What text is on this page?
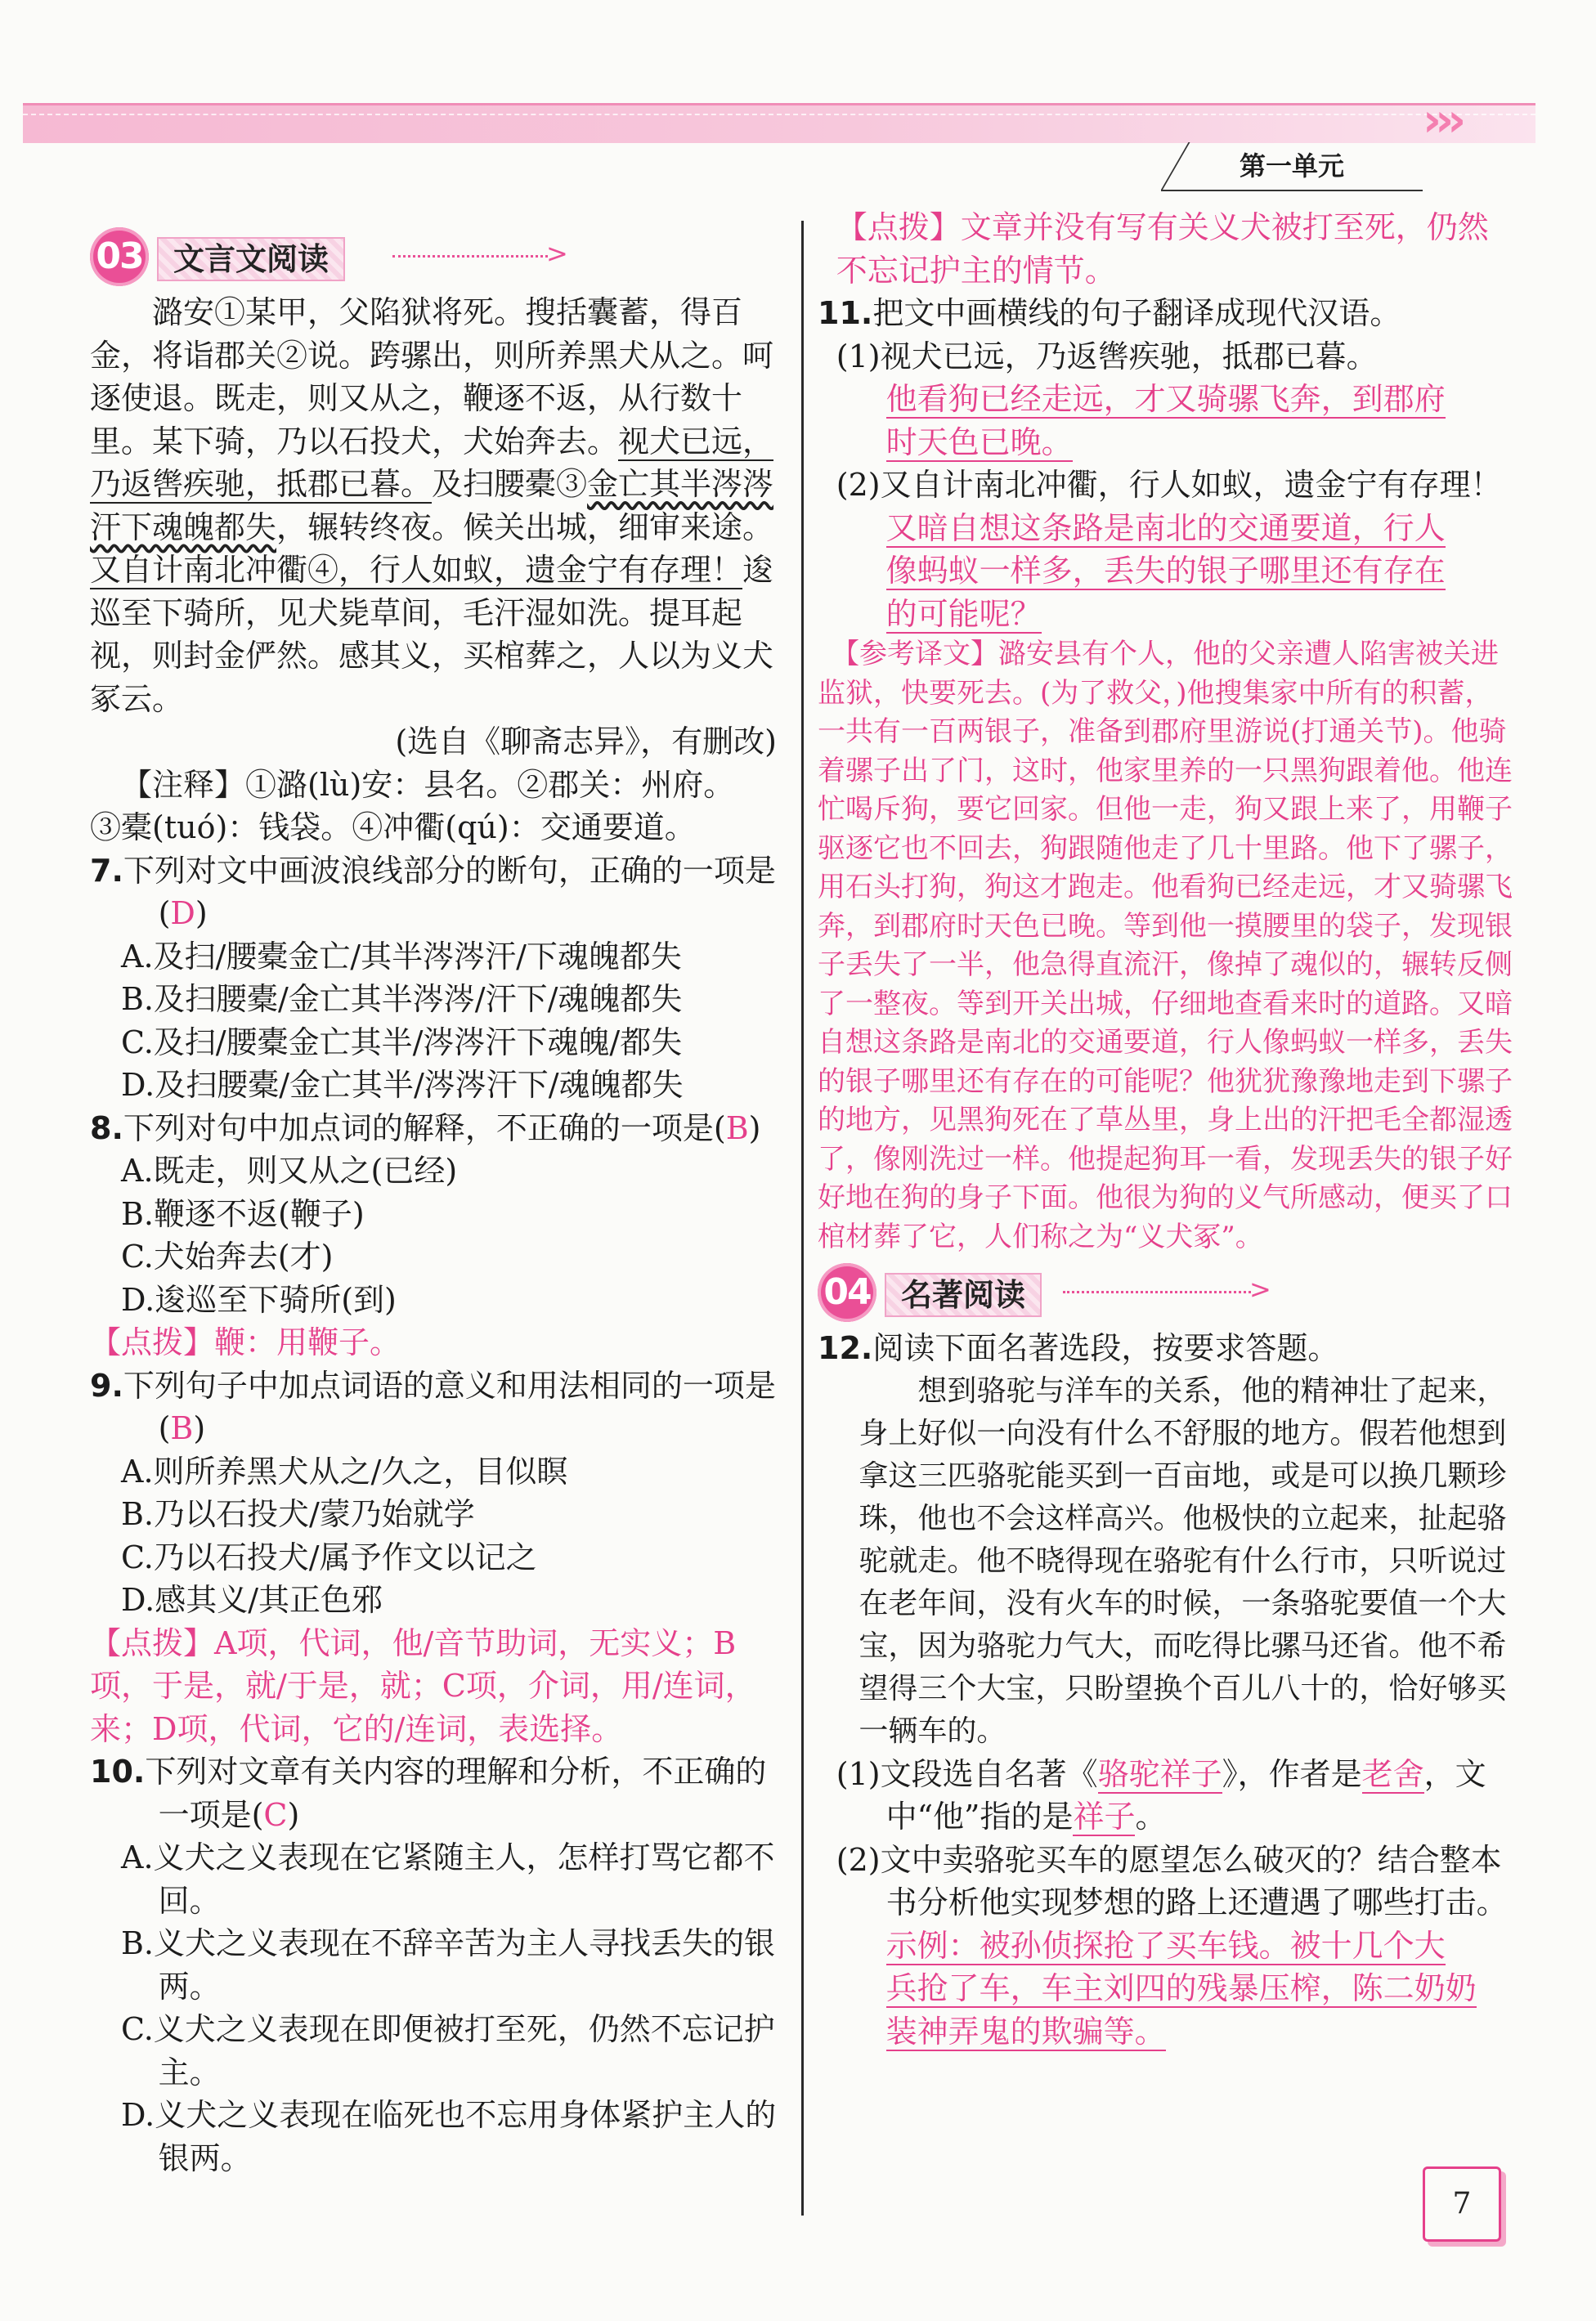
›››
第一单元
03 文言文阅读	>

潞安①某甲，父陷狱将死。搜括囊蓄，得百金，将诣郡关②说。跨骡出，则所养黑犬从之。呵逐使退。既走，则又从之，鞭逐不返，从行数十里。某下骑，乃以石投犬，犬始奔去。视犬已远，乃返辔疾驰，抵郡已暮。及扫腰橐③金亡其半涔涔汗下魂魄都失，辗转终夜。候关出城，细审来途。又自计南北冲衢④，行人如蚁，遗金宁有存理！逡巡至下骑所，见犬毙草间，毛汗湿如洗。提耳起视，则封金俨然。感其义，买棺葬之，人以为义犬冢云。

(选自《聊斋志异》，有删改)

【注释】①潞(lù)安：县名。②郡关：州府。

③橐(tuó)：钱袋。④冲衢(qú)：交通要道。

7.下列对文中画波浪线部分的断句，正确的一项是(D)

A.及扫/腰橐金亡/其半涔涔汗/下魂魄都失

B.及扫腰橐/金亡其半涔涔/汗下/魂魄都失

C.及扫/腰橐金亡其半/涔涔汗下魂魄/都失

D.及扫腰橐/金亡其半/涔涔汗下/魂魄都失

8.下列对句中加点词的解释，不正确的一项是(B)

A.既走，则又从之(已经)

B.鞭逐不返(鞭子)

C.犬始奔去(才)

D.逡巡至下骑所(到)

【点拨】鞭：用鞭子。

9.下列句子中加点词语的意义和用法相同的一项是(B)

A.则所养黑犬从之/久之，目似瞑

B.乃以石投犬/蒙乃始就学

C.乃以石投犬/属予作文以记之

D.感其义/其正色邪

【点拨】A项，代词，他/音节助词，无实义；B项，于是，就/于是，就；C项，介词，用/连词，来；D项，代词，它的/连词，表选择。

10.下列对文章有关内容的理解和分析，不正确的一项是(C)

A.义犬之义表现在它紧随主人，怎样打骂它都不回。

B.义犬之义表现在不辞辛苦为主人寻找丢失的银两。

C.义犬之义表现在即便被打至死，仍然不忘记护主。

D.义犬之义表现在临死也不忘用身体紧护主人的银两。

【点拨】文章并没有写有关义犬被打至死，仍然不忘记护主的情节。

11.把文中画横线的句子翻译成现代汉语。

(1)视犬已远，乃返辔疾驰，抵郡已暮。

他看狗已经走远，才又骑骡飞奔，到郡府

时天色已晚。

(2)又自计南北冲衢，行人如蚁，遗金宁有存理！

又暗自想这条路是南北的交通要道，行人

像蚂蚁一样多，丢失的银子哪里还有存在

的可能呢？

【参考译文】潞安县有个人，他的父亲遭人陷害被关进监狱，快要死去。(为了救父，)他搜集家中所有的积蓄，一共有一百两银子，准备到郡府里游说(打通关节)。他骑着骡子出了门，这时，他家里养的一只黑狗跟着他。他连忙喝斥狗，要它回家。但他一走，狗又跟上来了，用鞭子驱逐它也不回去，狗跟随他走了几十里路。他下了骡子，用石头打狗，狗这才跑走。他看狗已经走远，才又骑骡飞奔，到郡府时天色已晚。等到他一摸腰里的袋子，发现银子丢失了一半，他急得直流汗，像掉了魂似的，辗转反侧了一整夜。等到开关出城，仔细地查看来时的道路。又暗自想这条路是南北的交通要道，行人像蚂蚁一样多，丢失的银子哪里还有存在的可能呢？他犹犹豫豫地走到下骡子的地方，见黑狗死在了草丛里，身上出的汗把毛全都湿透了，像刚洗过一样。他提起狗耳一看，发现丢失的银子好好地在狗的身子下面。他很为狗的义气所感动，便买了口棺材葬了它，人们称之为“义犬冢”。

04 名著阅读	>

12.阅读下面名著选段，按要求答题。

想到骆驼与洋车的关系，他的精神壮了起来，身上好似一向没有什么不舒服的地方。假若他想到拿这三匹骆驼能买到一百亩地，或是可以换几颗珍珠，他也不会这样高兴。他极快的立起来，扯起骆驼就走。他不晓得现在骆驼有什么行市，只听说过在老年间，没有火车的时候，一条骆驼要值一个大宝，因为骆驼力气大，而吃得比骡马还省。他不希望得三个大宝，只盼望换个百儿八十的，恰好够买一辆车的。

(1)文段选自名著《骆驼祥子》，作者是老舍，文中“他”指的是祥子。

(2)文中卖骆驼买车的愿望怎么破灭的？结合整本书分析他实现梦想的路上还遭遇了哪些打击。

示例：被孙侦探抢了买车钱。被十几个大

兵抢了车，车主刘四的残暴压榨，陈二奶奶

装神弄鬼的欺骗等。

7
